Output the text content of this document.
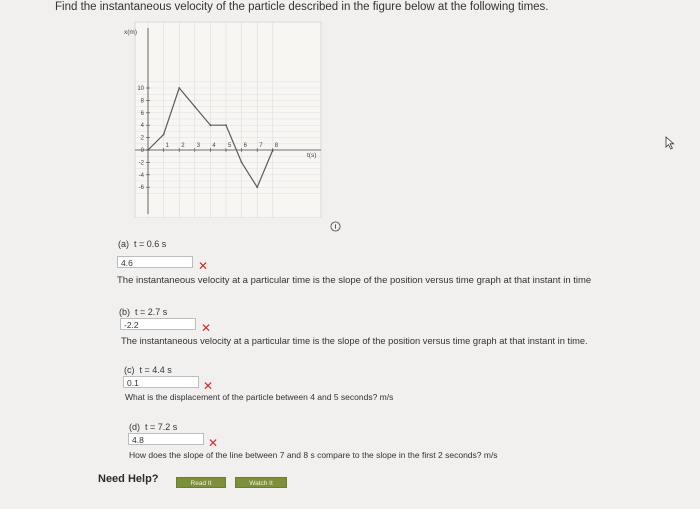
Find the instantaneous velocity of the particle described in the figure below at the following times.
1 2 3 4 5 6 7 8
10
8
6
4
2
0
-2
-4
-6
x(m)
t(s)
(a) t = 0.6 s
4.6	✕
The instantaneous velocity at a particular time is the slope of the position versus time graph at that instant in time
(b) t = 2.7 s
-2.2	✕
The instantaneous velocity at a particular time is the slope of the position versus time graph at that instant in time.
(c) t = 4.4 s
0.1	✕
What is the displacement of the particle between 4 and 5 seconds? m/s
(d) t = 7.2 s
4.8	✕
How does the slope of the line between 7 and 8 s compare to the slope in the first 2 seconds? m/s
Need Help?	Read It	Watch It
